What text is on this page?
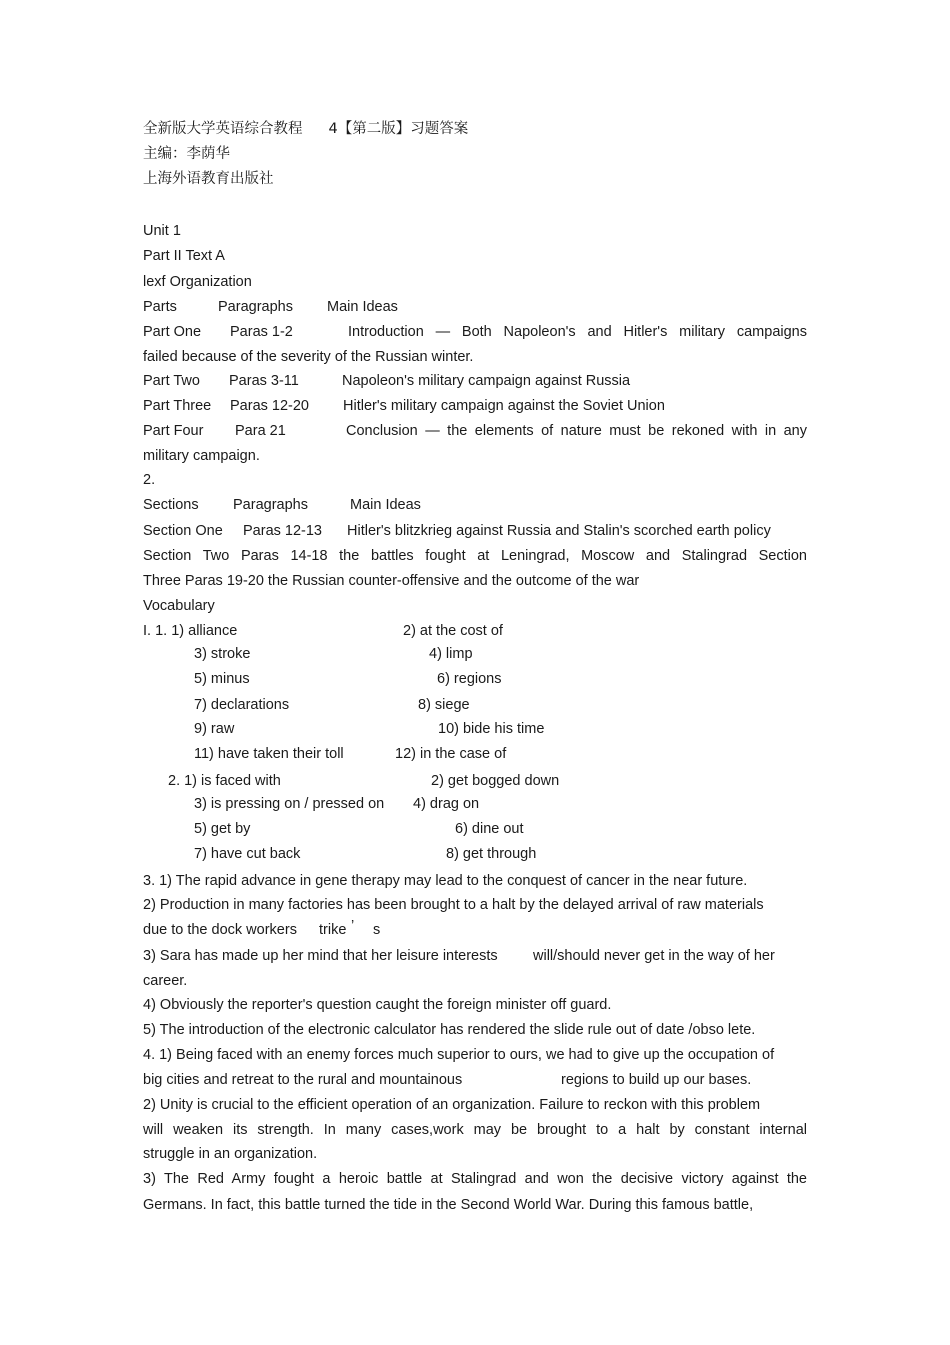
全新版大学英语综合教程 4【第二版】习题答案
主编：李荫华
上海外语教育出版社
Unit 1
Part II Text A
lexf Organization
Parts	Paragraphs Main Ideas
Part One Paras 1-2	Introduction — Both Napoleon's and Hitler's military campaigns
failed because of the severity of the Russian winter.
Part Two Paras 3-11	Napoleon's military campaign against Russia
Part Three Paras 12-20 Hitler's military campaign against the Soviet Union
Part Four Para 21	Conclusion — the elements of nature must be rekoned with in any
military campaign.
2.
Sections Paragraphs	Main Ideas
Section One Paras 12-13 Hitler's blitzkrieg against Russia and Stalin's scorched earth policy
Section Two Paras 14-18 the battles fought at Leningrad, Moscow and Stalingrad Section
Three Paras 19-20 the Russian counter-offensive and the outcome of the war
Vocabulary
I. 1. 1) alliance	2) at the cost of
3) stroke	4) limp
5) minus	6) regions
7) declarations	8) siege
9) raw	10) bide his time
11) have taken their toll	12) in the case of
2. 1) is faced with	2) get bogged down
3) is pressing on / pressed on 4) drag on
5) get by	6) dine out
7) have cut back	8) get through
3. 1) The rapid advance in gene therapy may lead to the conquest of cancer in the near future.
2) Production in many factories has been brought to a halt by the delayed arrival of raw materials
due to the dock workers trike ’ s
3) Sara has made up her mind that her leisure interests will/should never get in the way of her
career.
4) Obviously the reporter's question caught the foreign minister off guard.
5) The introduction of the electronic calculator has rendered the slide rule out of date /obso lete.
4. 1) Being faced with an enemy forces much superior to ours, we had to give up the occupation of
big cities and retreat to the rural and mountainous	regions to build up our bases.
2) Unity is crucial to the efficient operation of an organization. Failure to reckon with this problem
will weaken its strength. In many cases,work may be brought to a halt by constant internal
struggle in an organization.
3) The Red Army fought a heroic battle at Stalingrad and won the decisive victory against the
Germans. In fact, this battle turned the tide in the Second World War. During this famous battle,
